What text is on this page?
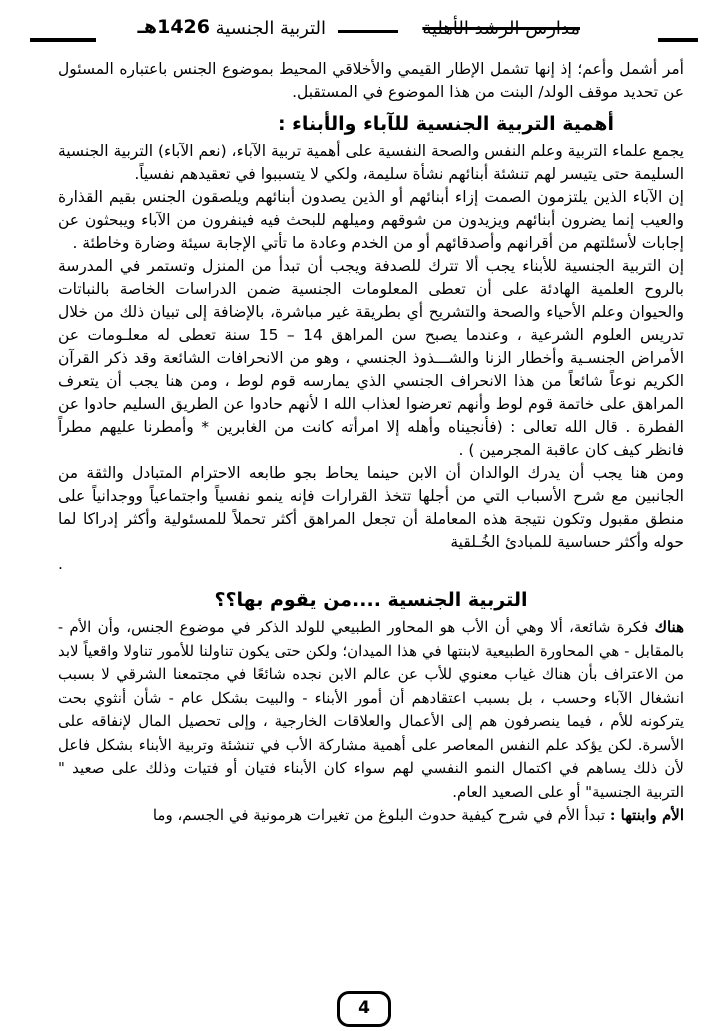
مدارس الرشد الأهلية
التربية الجنسية
1426هـ

أمر أشمل وأعم؛ إذ إنها تشمل الإطار القيمي والأخلاقي المحيط بموضوع الجنس باعتباره المسئول عن تحديد موقف الولد/ البنت من هذا الموضوع في المستقبل.

أهمية التربية الجنسية للآباء والأبناء :

يجمع علماء التربية وعلم النفس والصحة النفسية على أهمية تربية الآباء، (نعم الآباء) التربية الجنسية السليمة حتى يتيسر لهم تنشئة أبنائهم نشأة سليمة، ولكي لا يتسببوا في تعقيدهم نفسياً.

إن الآباء الذين يلتزمون الصمت إزاء أبنائهم أو الذين يصدون أبنائهم ويلصقون الجنس بقيم القذارة والعيب إنما يضرون أبنائهم ويزيدون من شوقهم وميلهم للبحث فيه فينفرون من الآباء ويبحثون عن إجابات لأسئلتهم من أقرانهم وأصدقائهم أو من الخدم وعادة ما تأتي الإجابة سيئة وضارة وخاطئة .

إن التربية الجنسية للأبناء يجب ألا تترك للصدفة ويجب أن تبدأ من المنزل وتستمر في المدرسة بالروح العلمية الهادئة على أن تعطى المعلومات الجنسية ضمن الدراسات الخاصة بالنباتات والحيوان وعلم الأحياء والصحة والتشريح أي بطريقة غير مباشرة، بالإضافة إلى تبيان ذلك من خلال تدريس العلوم الشرعية ، وعندما يصبح سن المراهق 14 – 15 سنة تعطى له معلـومات عن الأمراض الجنسـية وأخطار الزنا والشـــذوذ الجنسي ، وهو من الانحرافات الشائعة وقد ذكر القرآن الكريم نوعاً شائعاً من هذا الانحراف الجنسي الذي يمارسه قوم لوط ، ومن هنا يجب أن يتعرف المراهق على خاتمة قوم لوط وأنهم تعرضوا لعذاب الله I لأنهم حادوا عن الطريق السليم حادوا عن الفطرة . قال الله تعالى : (فأنجيناه وأهله إلا امرأته كانت من الغابرين * وأمطرنا عليهم مطراً فانظر كيف كان عاقبة المجرمين ) .

ومن هنا يجب أن يدرك الوالدان أن الابن حينما يحاط بجو طابعه الاحترام المتبادل والثقة من الجانبين مع شرح الأسباب التي من أجلها تتخذ القرارات فإنه ينمو نفسياً واجتماعياً ووجدانياً على منطق مقبول وتكون نتيجة هذه المعاملة أن تجعل المراهق أكثر تحملاً للمسئولية وأكثر إدراكا لما حوله وأكثر حساسية للمبادئ الخُـلقية

.

التربية الجنسية ....من يقوم بها؟؟

هناك فكرة شائعة، ألا وهي أن الأب هو المحاور الطبيعي للولد الذكر في موضوع الجنس، وأن الأم - بالمقابل - هي المحاورة الطبيعية لابنتها في هذا الميدان؛ ولكن حتى يكون تناولنا للأمور تناولا واقعياً لابد من الاعتراف بأن هناك غياب معنوي للأب عن عالم الابن نجده شائعًا في مجتمعنا الشرقي لا بسبب انشغال الآباء وحسب ، بل بسبب اعتقادهم أن أمور الأبناء - والبيت بشكل عام - شأن أنثوي بحت يتركونه للأم ، فيما ينصرفون هم إلى الأعمال والعلاقات الخارجية ، وإلى تحصيل المال لإنفاقه على الأسرة. لكن يؤكد علم النفس المعاصر على أهمية مشاركة الأب في تنشئة وتربية الأبناء بشكل فاعل لأن ذلك يساهم في اكتمال النمو النفسي لهم سواء كان الأبناء فتيان أو فتيات وذلك على صعيد " التربية الجنسية" أو على الصعيد العام.

الأم وابنتها : تبدأ الأم في شرح كيفية حدوث البلوغ من تغيرات هرمونية في الجسم، وما

4
